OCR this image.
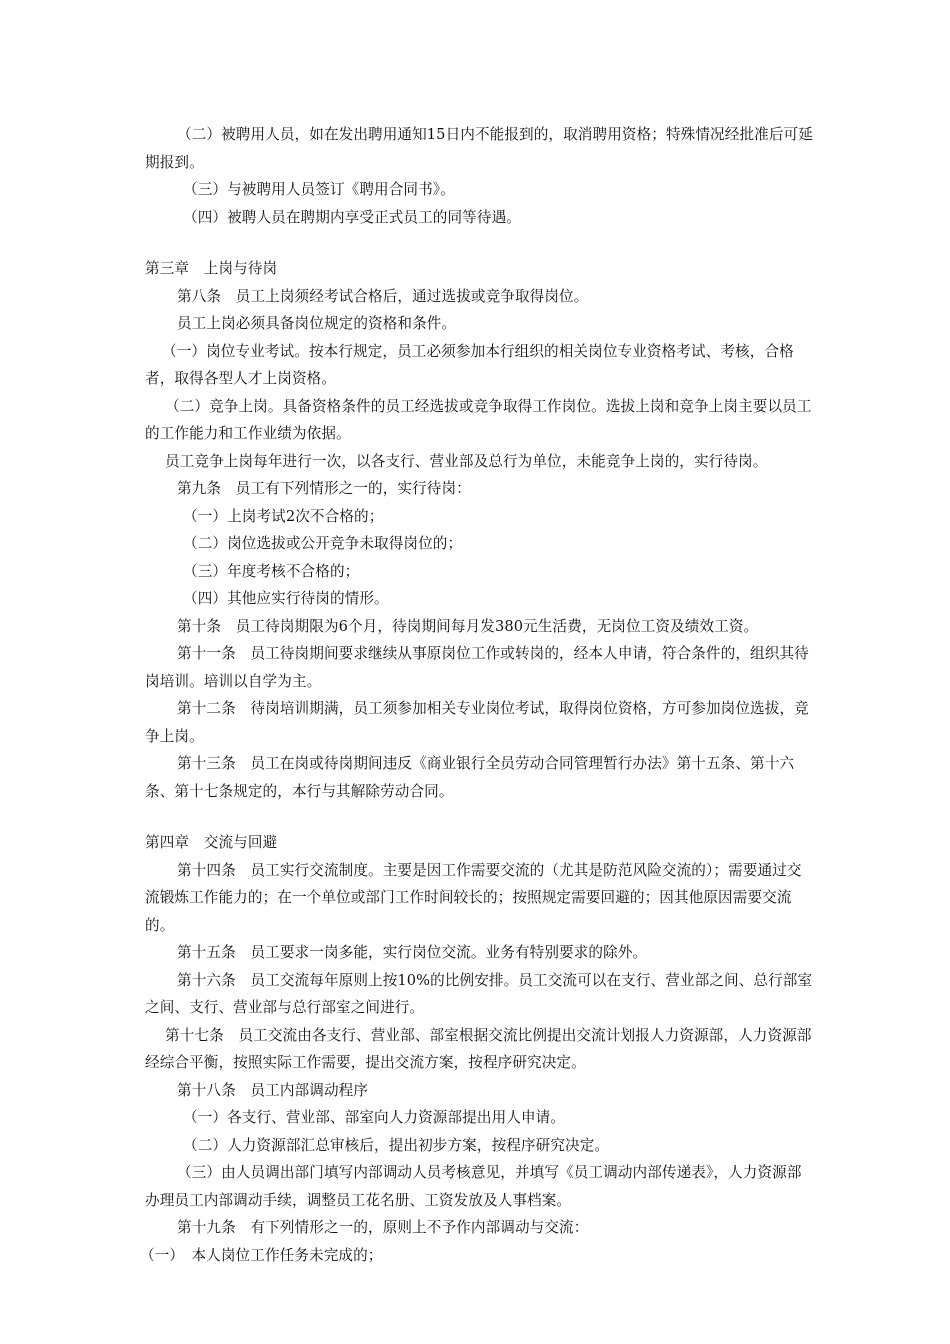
（二）被聘用人员，如在发出聘用通知15日内不能报到的，取消聘用资格；特殊情况经批准后可延期报到。

（三）与被聘用人员签订《聘用合同书》。

（四）被聘人员在聘期内享受正式员工的同等待遇。

第三章　上岗与待岗

第八条　员工上岗须经考试合格后，通过选拔或竞争取得岗位。

员工上岗必须具备岗位规定的资格和条件。

（一）岗位专业考试。按本行规定，员工必须参加本行组织的相关岗位专业资格考试、考核，合格者，取得各型人才上岗资格。

（二）竞争上岗。具备资格条件的员工经选拔或竞争取得工作岗位。选拔上岗和竞争上岗主要以员工的工作能力和工作业绩为依据。

员工竞争上岗每年进行一次，以各支行、营业部及总行为单位，未能竞争上岗的，实行待岗。

第九条　员工有下列情形之一的，实行待岗：

（一）上岗考试2次不合格的；

（二）岗位选拔或公开竞争未取得岗位的；

（三）年度考核不合格的；

（四）其他应实行待岗的情形。

第十条　员工待岗期限为6个月，待岗期间每月发380元生活费，无岗位工资及绩效工资。

第十一条　员工待岗期间要求继续从事原岗位工作或转岗的，经本人申请，符合条件的，组织其待岗培训。培训以自学为主。

第十二条　待岗培训期满，员工须参加相关专业岗位考试，取得岗位资格，方可参加岗位选拔，竞争上岗。

第十三条　员工在岗或待岗期间违反《商业银行全员劳动合同管理暂行办法》第十五条、第十六条、第十七条规定的，本行与其解除劳动合同。

第四章　交流与回避

第十四条　员工实行交流制度。主要是因工作需要交流的（尤其是防范风险交流的）；需要通过交流锻炼工作能力的；在一个单位或部门工作时间较长的；按照规定需要回避的；因其他原因需要交流的。

第十五条　员工要求一岗多能，实行岗位交流。业务有特别要求的除外。

第十六条　员工交流每年原则上按10%的比例安排。员工交流可以在支行、营业部之间、总行部室之间、支行、营业部与总行部室之间进行。

第十七条　员工交流由各支行、营业部、部室根据交流比例提出交流计划报人力资源部，人力资源部经综合平衡，按照实际工作需要，提出交流方案，按程序研究决定。

第十八条　员工内部调动程序

（一）各支行、营业部、部室向人力资源部提出用人申请。

（二）人力资源部汇总审核后，提出初步方案，按程序研究决定。

（三）由人员调出部门填写内部调动人员考核意见，并填写《员工调动内部传递表》，人力资源部办理员工内部调动手续，调整员工花名册、工资发放及人事档案。

第十九条　有下列情形之一的，原则上不予作内部调动与交流：

（一）　本人岗位工作任务未完成的；
